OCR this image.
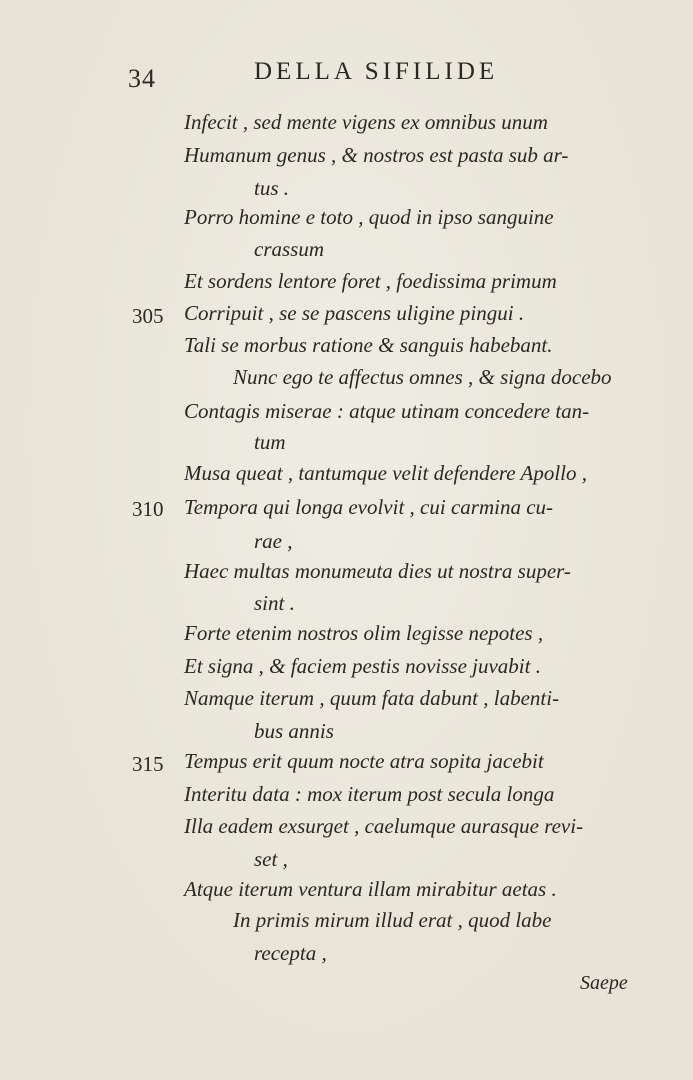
34	DELLA SIFILIDE
Infecit , sed mente vigens ex omnibus unum
Humanum genus , & nostros est pasta sub ar-
tus .
Porro homine e toto , quod in ipso sanguine
crassum
Et sordens lentore foret , foedissima primum
Corripuit , se se pascens uligine pingui .
Tali se morbus ratione & sanguis habebant.
Nunc ego te affectus omnes , & signa docebo
Contagis miserae : atque utinam concedere tan-
tum
Musa queat , tantumque velit defendere Apollo ,
Tempora qui longa evolvit , cui carmina cu-
rae ,
Haec multas monumeuta dies ut nostra super-
sint .
Forte etenim nostros olim legisse nepotes ,
Et signa , & faciem pestis novisse juvabit .
Namque iterum , quum fata dabunt , labenti-
bus annis
Tempus erit quum nocte atra sopita jacebit
Interitu data : mox iterum post secula longa
Illa eadem exsurget , caelumque aurasque revi-
set ,
Atque iterum ventura illam mirabitur aetas .
In primis mirum illud erat , quod labe
recepta ,
305
310
315
Saepe
